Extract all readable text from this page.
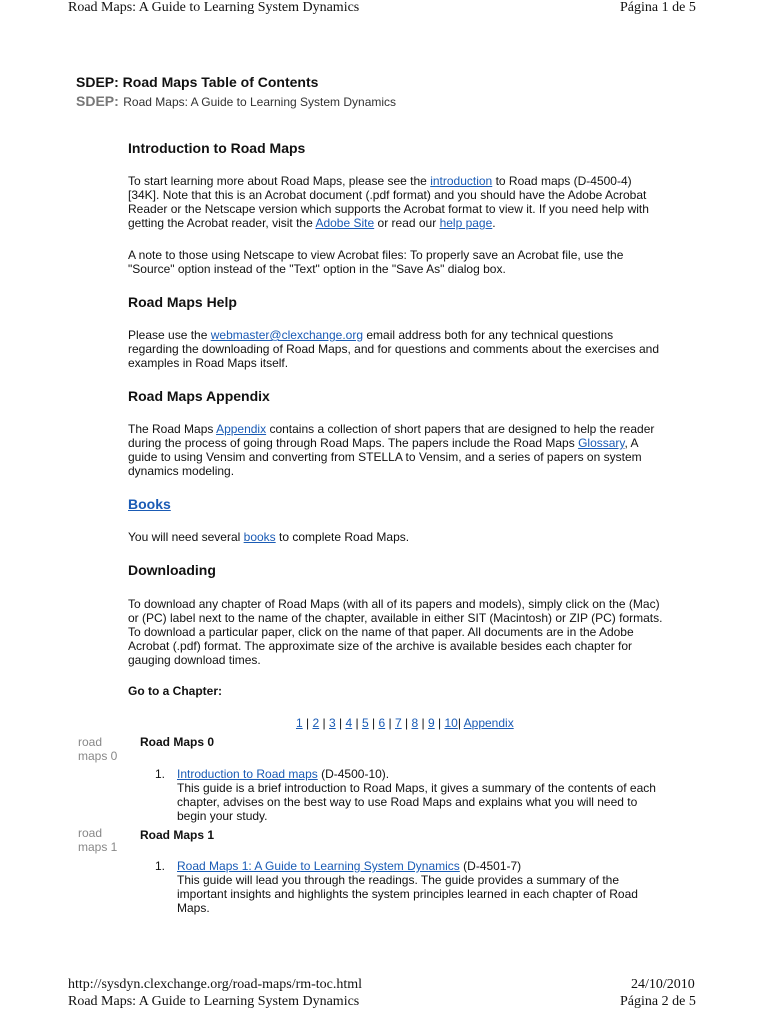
Road Maps: A Guide to Learning System Dynamics	Página 1 de 5
SDEP: Road Maps Table of Contents
SDEP: Road Maps: A Guide to Learning System Dynamics
Introduction to Road Maps
To start learning more about Road Maps, please see the introduction to Road maps (D-4500-4)
[34K]. Note that this is an Acrobat document (.pdf format) and you should have the Adobe Acrobat
Reader or the Netscape version which supports the Acrobat format to view it. If you need help with
getting the Acrobat reader, visit the Adobe Site or read our help page.
A note to those using Netscape to view Acrobat files: To properly save an Acrobat file, use the
"Source" option instead of the "Text" option in the "Save As" dialog box.
Road Maps Help
Please use the webmaster@clexchange.org email address both for any technical questions
regarding the downloading of Road Maps, and for questions and comments about the exercises and
examples in Road Maps itself.
Road Maps Appendix
The Road Maps Appendix contains a collection of short papers that are designed to help the reader
during the process of going through Road Maps. The papers include the Road Maps Glossary, A
guide to using Vensim and converting from STELLA to Vensim, and a series of papers on system
dynamics modeling.
Books
You will need several books to complete Road Maps.
Downloading
To download any chapter of Road Maps (with all of its papers and models), simply click on the (Mac)
or (PC) label next to the name of the chapter, available in either SIT (Macintosh) or ZIP (PC) formats.
To download a particular paper, click on the name of that paper. All documents are in the Adobe
Acrobat (.pdf) format. The approximate size of the archive is available besides each chapter for
gauging download times.
Go to a Chapter:
1 | 2 | 3 | 4 | 5 | 6 | 7 | 8 | 9 | 10| Appendix
road
maps 0
Road Maps 0
1. Introduction to Road maps (D-4500-10).
This guide is a brief introduction to Road Maps, it gives a summary of the contents of each
chapter, advises on the best way to use Road Maps and explains what you will need to
begin your study.
road
maps 1
Road Maps 1
1. Road Maps 1: A Guide to Learning System Dynamics (D-4501-7)
This guide will lead you through the readings. The guide provides a summary of the
important insights and highlights the system principles learned in each chapter of Road
Maps.
http://sysdyn.clexchange.org/road-maps/rm-toc.html	24/10/2010
Road Maps: A Guide to Learning System Dynamics	Página 2 de 5
